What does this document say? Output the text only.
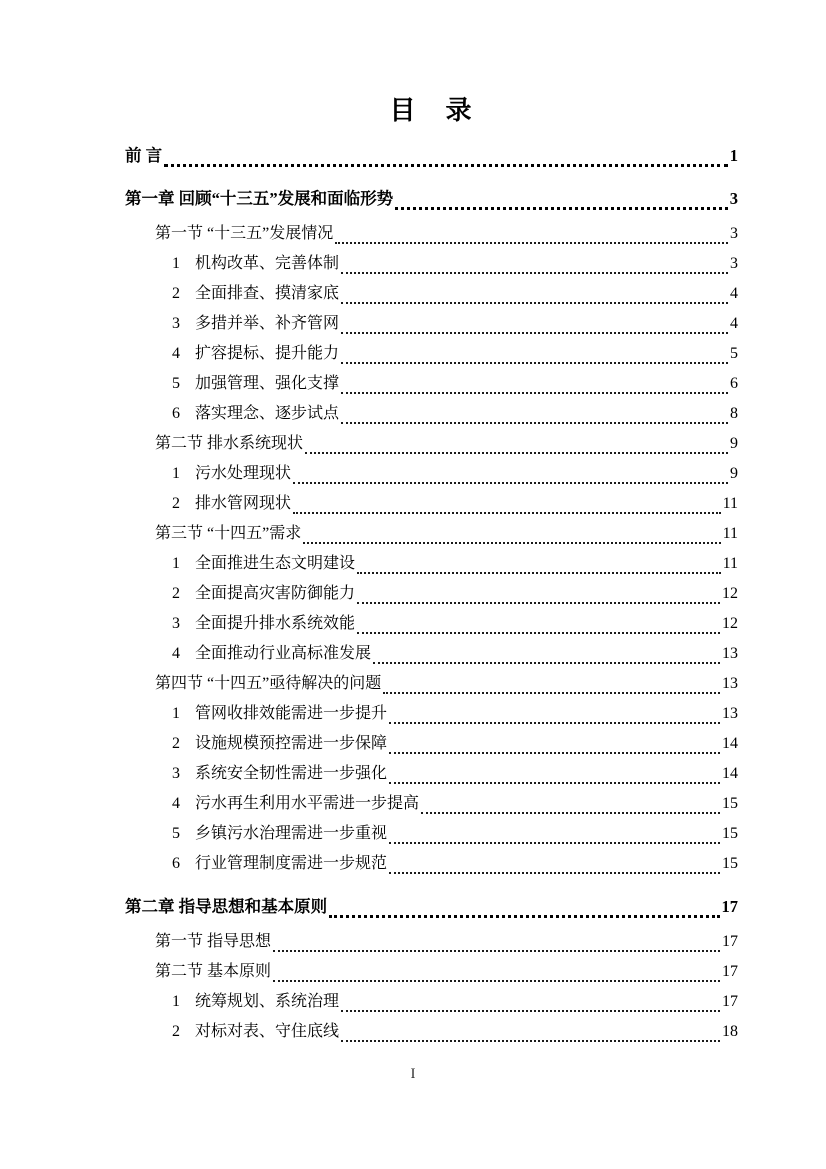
目　录
前 言	1
第一章 回顾“十三五”发展和面临形势	3
第一节 “十三五”发展情况	3
1 机构改革、完善体制	3
2 全面排查、摸清家底	4
3 多措并举、补齐管网	4
4 扩容提标、提升能力	5
5 加强管理、强化支撑	6
6 落实理念、逐步试点	8
第二节 排水系统现状	9
1 污水处理现状	9
2 排水管网现状	11
第三节 “十四五”需求	11
1 全面推进生态文明建设	11
2 全面提高灾害防御能力	12
3 全面提升排水系统效能	12
4 全面推动行业高标准发展	13
第四节 “十四五”亟待解决的问题	13
1 管网收排效能需进一步提升	13
2 设施规模预控需进一步保障	14
3 系统安全韧性需进一步强化	14
4 污水再生利用水平需进一步提高	15
5 乡镇污水治理需进一步重视	15
6 行业管理制度需进一步规范	15
第二章 指导思想和基本原则	17
第一节 指导思想	17
第二节 基本原则	17
1 统筹规划、系统治理	17
2 对标对表、守住底线	18
I
